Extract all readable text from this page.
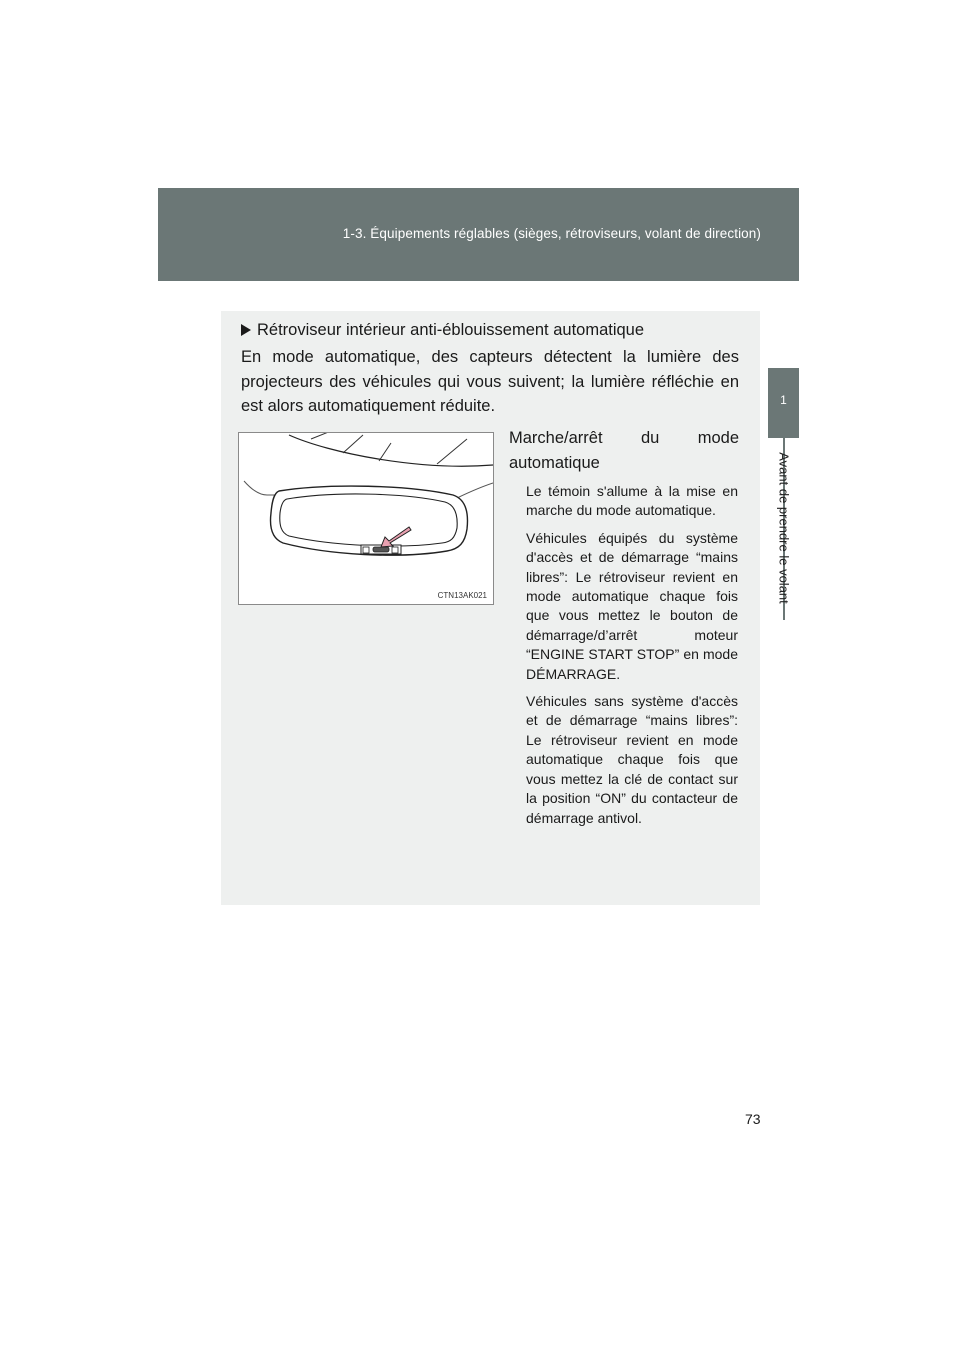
1-3. Équipements réglables (sièges, rétroviseurs, volant de direction)
1
Avant de prendre le volant
Rétroviseur intérieur anti-éblouissement automatique
En mode automatique, des capteurs détectent la lumière des projecteurs des véhicules qui vous suivent; la lumière réfléchie en est alors automatiquement réduite.
CTN13AK021
Marche/arrêt du mode
automatique

Le témoin s'allume à la mise en marche du mode automatique.

Véhicules équipés du système d'accès et de démarrage “mains libres”: Le rétroviseur revient en mode automatique chaque fois que vous mettez le bouton de démarrage/d’arrêt moteur “ENGINE START STOP” en mode DÉMARRAGE.

Véhicules sans système d'accès et de démarrage “mains libres”: Le rétroviseur revient en mode automatique chaque fois que vous mettez la clé de contact sur la position “ON” du contacteur de démarrage antivol.

73
